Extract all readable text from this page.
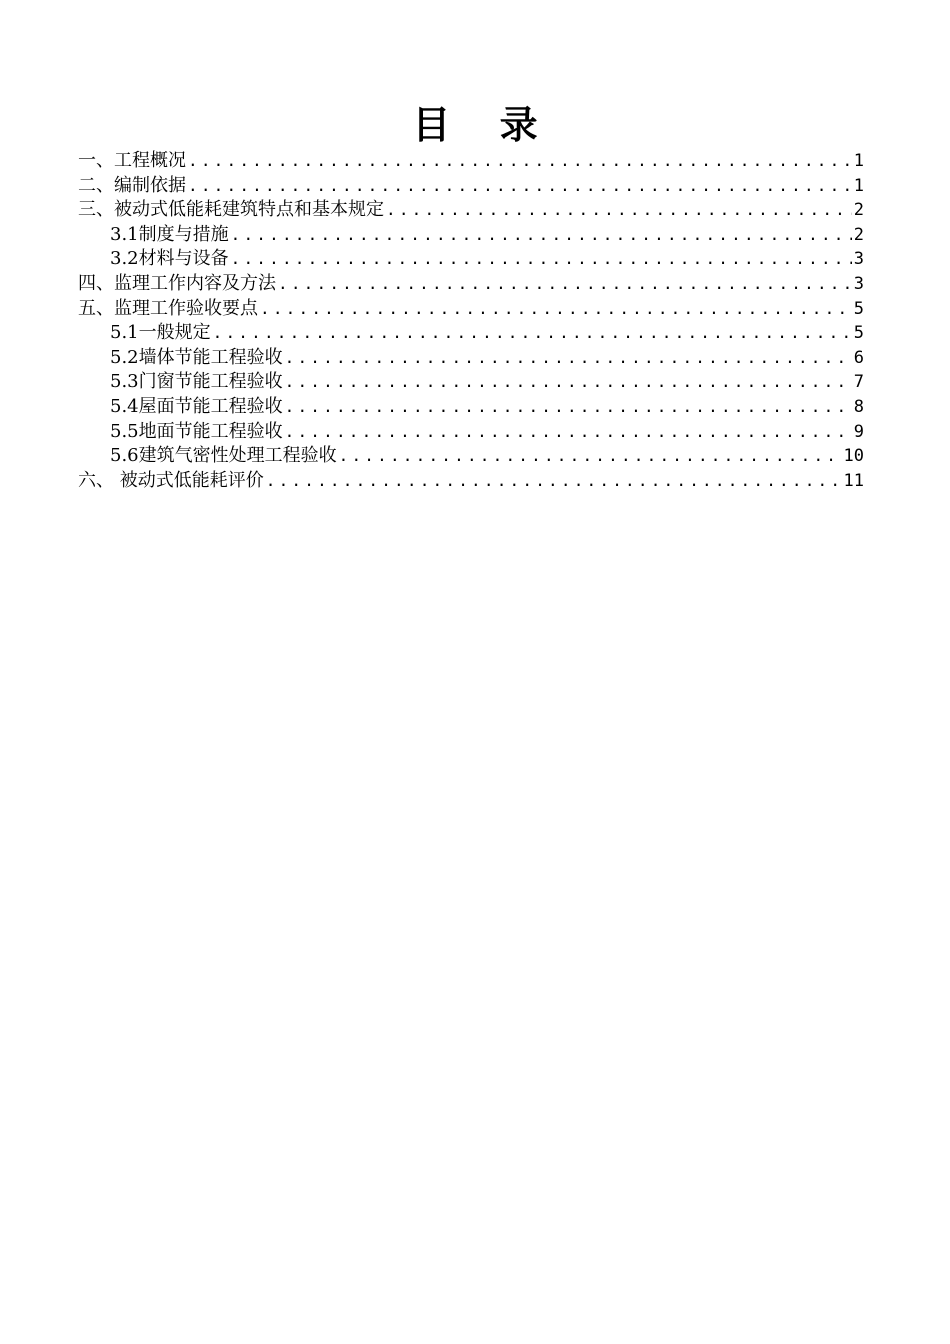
目 录
一、工程概况 .....	1
二、编制依据 .....	1
三、被动式低能耗建筑特点和基本规定 .....	2
3.1制度与措施 .....	2
3.2材料与设备 .....	3
四、监理工作内容及方法 .....	3
五、监理工作验收要点 .....	5
5.1一般规定 .....	5
5.2墙体节能工程验收 .....	6
5.3门窗节能工程验收 .....	7
5.4屋面节能工程验收 .....	8
5.5地面节能工程验收 .....	9
5.6建筑气密性处理工程验收 .....	10
六、 被动式低能耗评价 .....	11
